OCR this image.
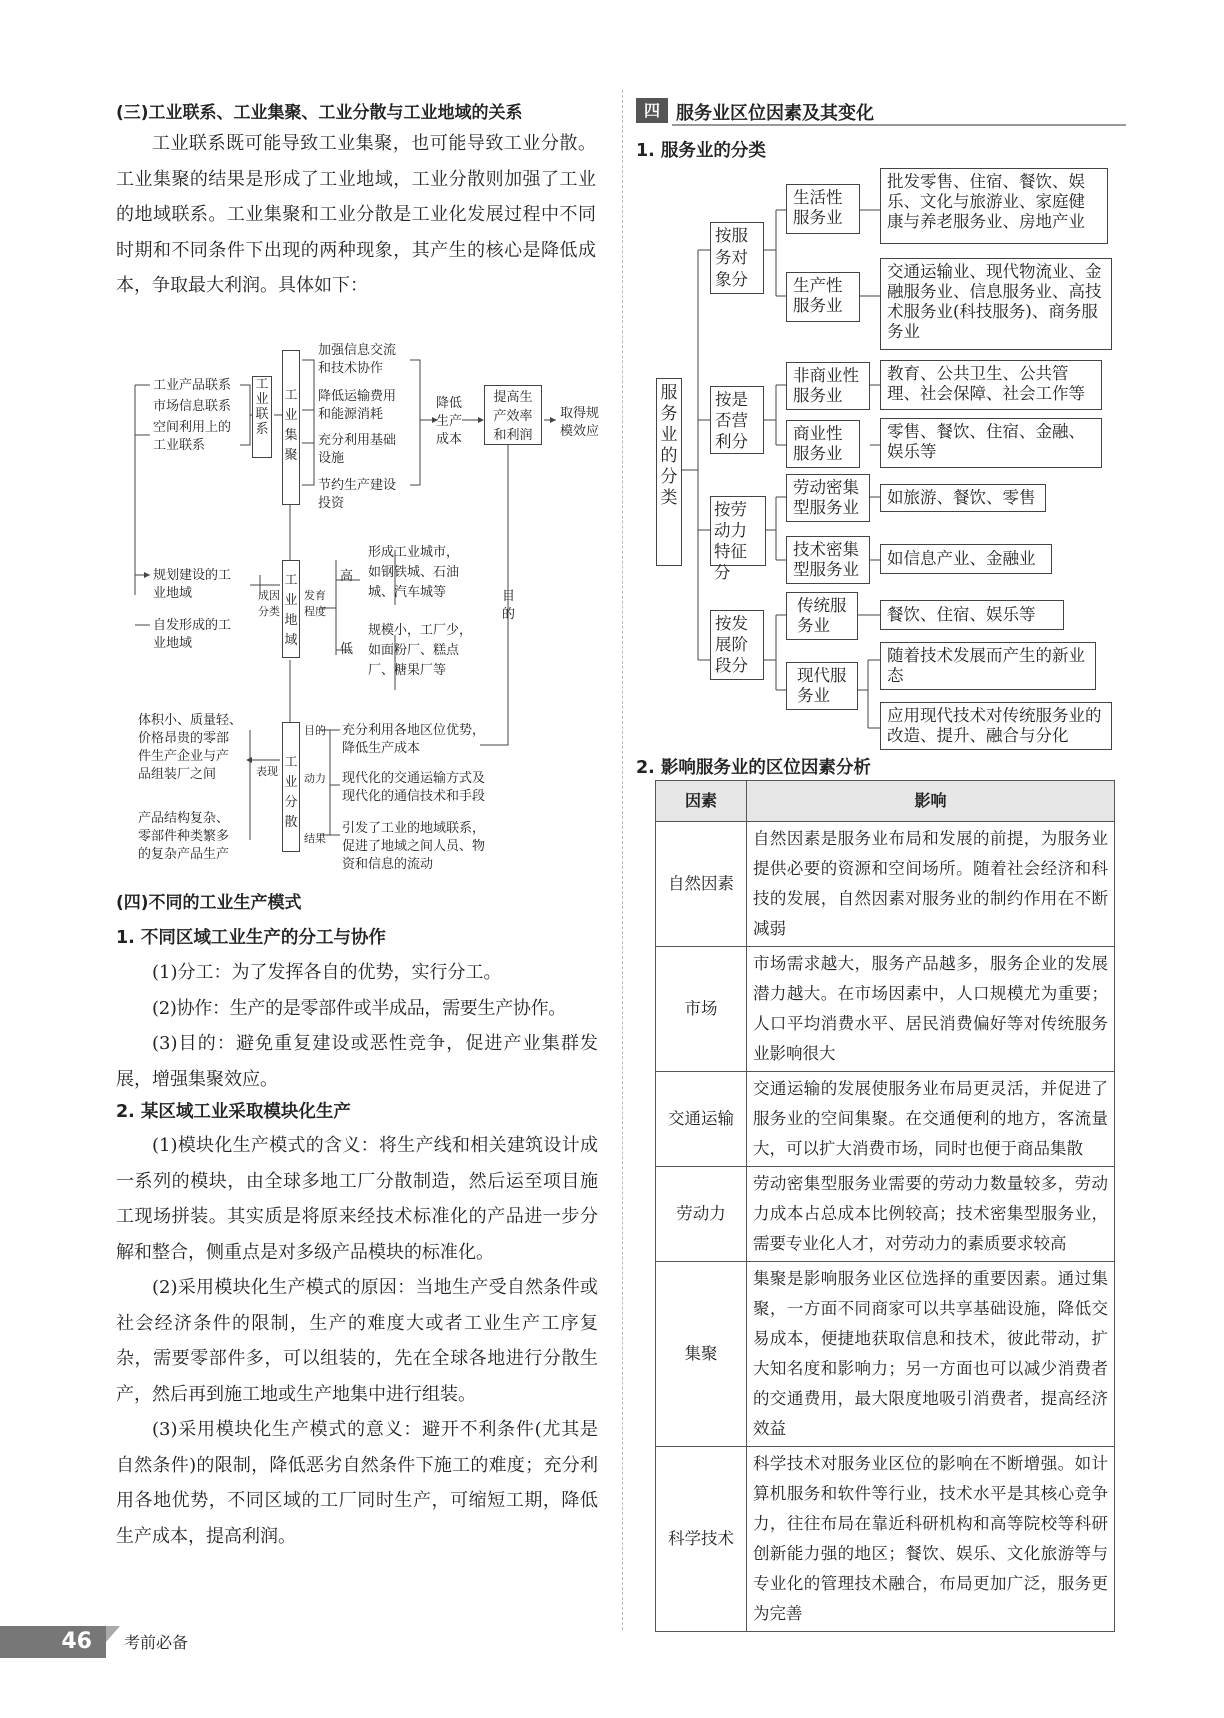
(三)工业联系、工业集聚、工业分散与工业地域的关系

工业联系既可能导致工业集聚，也可能导致工业分散。工业集聚的结果是形成了工业地域，工业分散则加强了工业的地域联系。工业集聚和工业分散是工业化发展过程中不同时期和不同条件下出现的两种现象，其产生的核心是降低成本，争取最大利润。具体如下：

工业产品联系
市场信息联系
空间利用上的
工业联系
工业联系
工业集聚
加强信息交流
和技术协作
降低运输费用
和能源消耗
充分利用基础
设施
节约生产建设
投资
降低
生产
成本
提高生
产效率
和利润
取得规
模效应
目
的
规划建设的工
业地域
自发形成的工
业地域
成因
分类
工业地域
发育
程度
高
低
形成工业城市，
如钢铁城、石油
城、汽车城等
规模小，工厂少，
如面粉厂、糕点
厂、糖果厂等
体积小、质量轻、
价格昂贵的零部
件生产企业与产
品组装厂之间
产品结构复杂、
零部件种类繁多
的复杂产品生产
表现
工业分散
目的
动力
结果
充分利用各地区位优势，
降低生产成本
现代化的交通运输方式及
现代化的通信技术和手段
引发了工业的地域联系，
促进了地域之间人员、物
资和信息的流动
(四)不同的工业生产模式
1. 不同区域工业生产的分工与协作

(1)分工：为了发挥各自的优势，实行分工。

(2)协作：生产的是零部件或半成品，需要生产协作。

(3)目的：避免重复建设或恶性竞争，促进产业集群发展，增强集聚效应。

2. 某区域工业采取模块化生产

(1)模块化生产模式的含义：将生产线和相关建筑设计成一系列的模块，由全球多地工厂分散制造，然后运至项目施工现场拼装。其实质是将原来经技术标准化的产品进一步分解和整合，侧重点是对多级产品模块的标准化。

(2)采用模块化生产模式的原因：当地生产受自然条件或社会经济条件的限制，生产的难度大或者工业生产工序复杂，需要零部件多，可以组装的，先在全球各地进行分散生产，然后再到施工地或生产地集中进行组装。

(3)采用模块化生产模式的意义：避开不利条件(尤其是自然条件)的限制，降低恶劣自然条件下施工的难度；充分利用各地优势，不同区域的工厂同时生产，可缩短工期，降低生产成本，提高利润。

四 服务业区位因素及其变化
1. 服务业的分类
服务业的分类
按服务对象分
生活性服务业
生产性服务业
批发零售、住宿、餐饮、娱乐、文化与旅游业、家庭健康与养老服务业、房地产业
交通运输业、现代物流业、金融服务业、信息服务业、高技术服务业(科技服务)、商务服务业
按是否营利分
非商业性服务业
商业性服务业
教育、公共卫生、公共管理、社会保障、社会工作等
零售、餐饮、住宿、金融、娱乐等
按劳动力特征分
劳动密集型服务业
技术密集型服务业
如旅游、餐饮、零售
如信息产业、金融业
按发展阶段分
传统服务业
现代服务业
餐饮、住宿、娱乐等
随着技术发展而产生的新业态
应用现代技术对传统服务业的改造、提升、融合与分化
2. 影响服务业的区位因素分析
因素	影响
自然因素	自然因素是服务业布局和发展的前提，为服务业提供必要的资源和空间场所。随着社会经济和科技的发展，自然因素对服务业的制约作用在不断减弱
市场	市场需求越大，服务产品越多，服务企业的发展潜力越大。在市场因素中，人口规模尤为重要；人口平均消费水平、居民消费偏好等对传统服务业影响很大
交通运输	交通运输的发展使服务业布局更灵活，并促进了服务业的空间集聚。在交通便利的地方，客流量大，可以扩大消费市场，同时也便于商品集散
劳动力	劳动密集型服务业需要的劳动力数量较多，劳动力成本占总成本比例较高；技术密集型服务业，需要专业化人才，对劳动力的素质要求较高
集聚	集聚是影响服务业区位选择的重要因素。通过集聚，一方面不同商家可以共享基础设施，降低交易成本，便捷地获取信息和技术，彼此带动，扩大知名度和影响力；另一方面也可以减少消费者的交通费用，最大限度地吸引消费者，提高经济效益
科学技术	科学技术对服务业区位的影响在不断增强。如计算机服务和软件等行业，技术水平是其核心竞争力，往往布局在靠近科研机构和高等院校等科研创新能力强的地区；餐饮、娱乐、文化旅游等与专业化的管理技术融合，布局更加广泛，服务更为完善
46	考前必备
